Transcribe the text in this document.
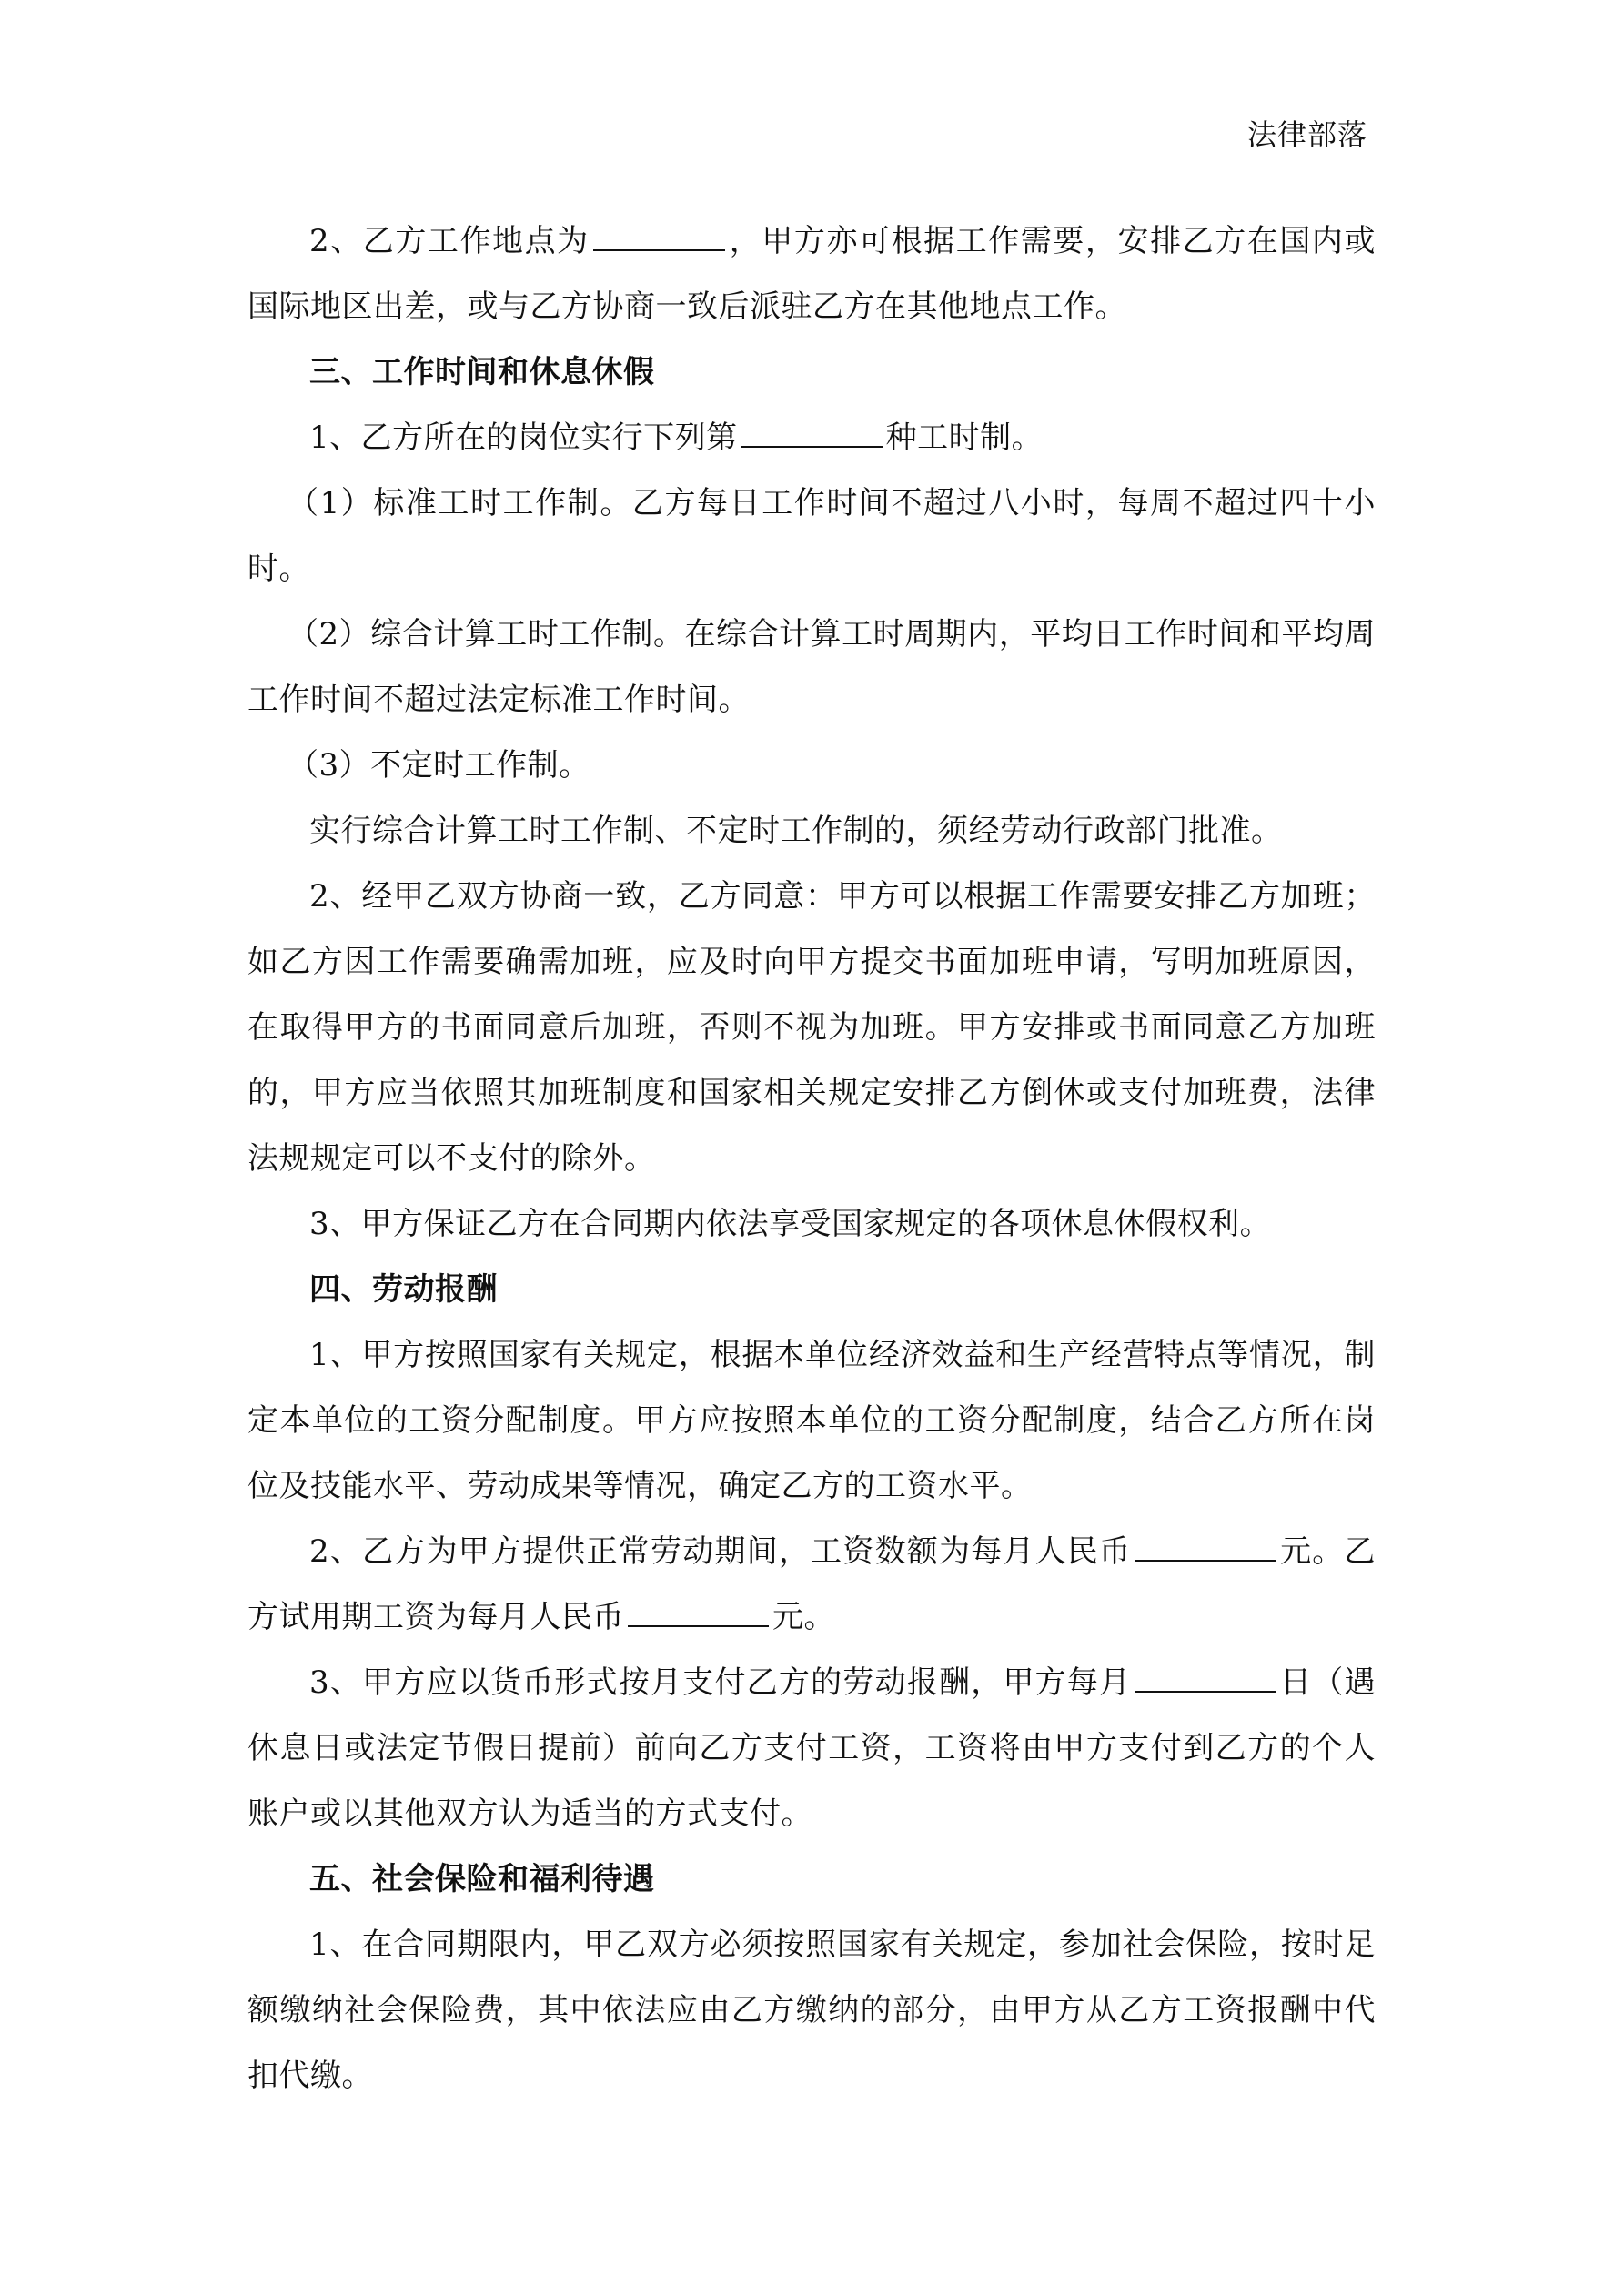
法律部落

2、乙方工作地点为	，甲方亦可根据工作需要，安排乙方在国内或国际地区出差，或与乙方协商一致后派驻乙方在其他地点工作。

三、工作时间和休息休假

1、乙方所在的岗位实行下列第	种工时制。

（1）标准工时工作制。乙方每日工作时间不超过八小时，每周不超过四十小时。

（2）综合计算工时工作制。在综合计算工时周期内，平均日工作时间和平均周工作时间不超过法定标准工作时间。

（3）不定时工作制。

实行综合计算工时工作制、不定时工作制的，须经劳动行政部门批准。

2、经甲乙双方协商一致，乙方同意：甲方可以根据工作需要安排乙方加班；如乙方因工作需要确需加班，应及时向甲方提交书面加班申请，写明加班原因，在取得甲方的书面同意后加班，否则不视为加班。甲方安排或书面同意乙方加班的，甲方应当依照其加班制度和国家相关规定安排乙方倒休或支付加班费，法律法规规定可以不支付的除外。

3、甲方保证乙方在合同期内依法享受国家规定的各项休息休假权利。

四、劳动报酬

1、甲方按照国家有关规定，根据本单位经济效益和生产经营特点等情况，制定本单位的工资分配制度。甲方应按照本单位的工资分配制度，结合乙方所在岗位及技能水平、劳动成果等情况，确定乙方的工资水平。

2、乙方为甲方提供正常劳动期间，工资数额为每月人民币	元。乙方试用期工资为每月人民币	元。

3、甲方应以货币形式按月支付乙方的劳动报酬，甲方每月	日（遇休息日或法定节假日提前）前向乙方支付工资，工资将由甲方支付到乙方的个人账户或以其他双方认为适当的方式支付。

五、社会保险和福利待遇

1、在合同期限内，甲乙双方必须按照国家有关规定，参加社会保险，按时足额缴纳社会保险费，其中依法应由乙方缴纳的部分，由甲方从乙方工资报酬中代扣代缴。
